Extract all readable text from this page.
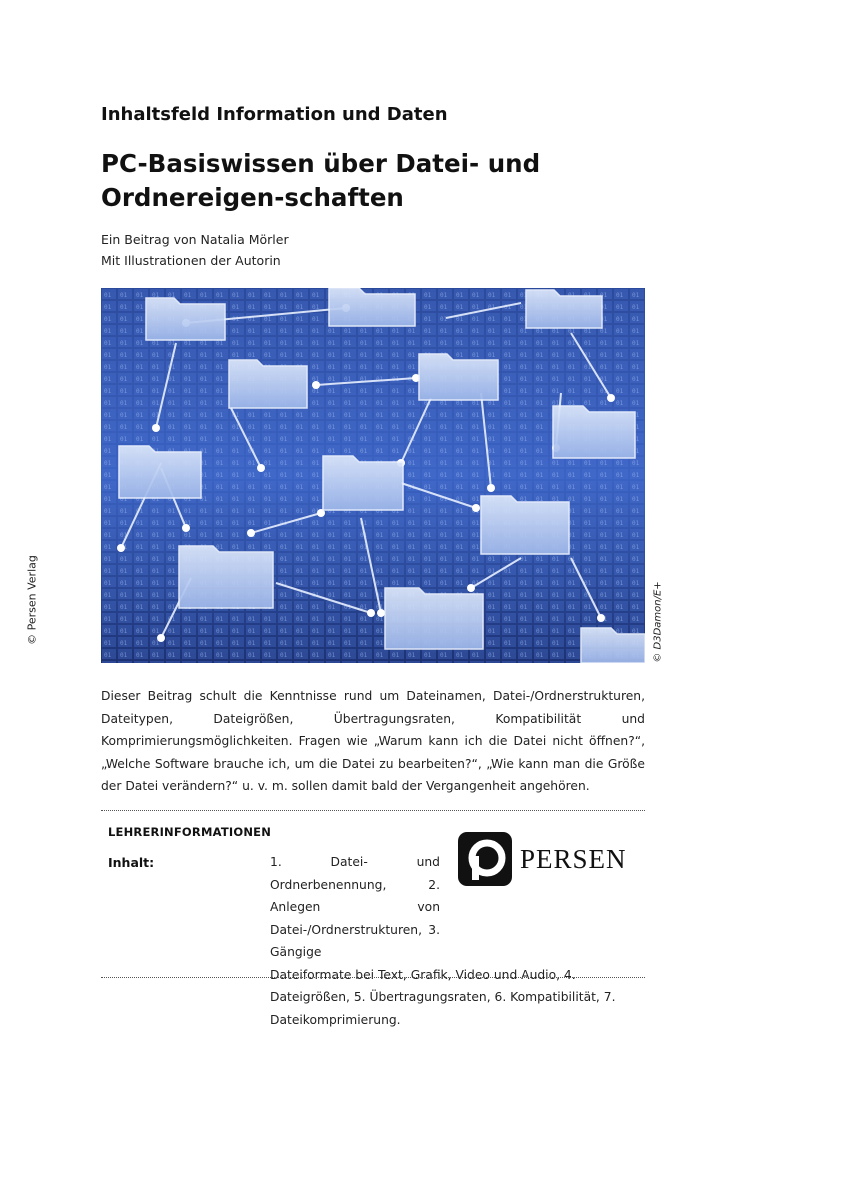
© Persen Verlag	© D3Damon/E+
Inhaltsfeld Information und Daten
PC-Basiswissen über Datei- und Ordnereigen-schaften
Ein Beitrag von Natalia Mörler
Mit Illustrationen der Autorin

Dieser Beitrag schult die Kenntnisse rund um Dateinamen, Datei-/Ordnerstrukturen, Dateitypen, Dateigrößen, Übertragungsraten, Kompatibilität und Komprimierungsmöglichkeiten. Fragen wie „Warum kann ich die Datei nicht öffnen?“, „Welche Software brauche ich, um die Datei zu bearbeiten?“, „Wie kann man die Größe der Datei verändern?“ u. v. m. sollen damit bald der Vergangenheit angehören.

LEHRERINFORMATIONEN
Inhalt:	1. Datei- und Ordnerbenennung, 2. Anlegen von Datei-/Ordnerstrukturen, 3. Gängige
Dateiformate bei Text, Grafik, Video und Audio, 4. Dateigrößen, 5. Übertragungsraten, 6. Kompatibilität, 7. Dateikomprimierung.
PERSEN
